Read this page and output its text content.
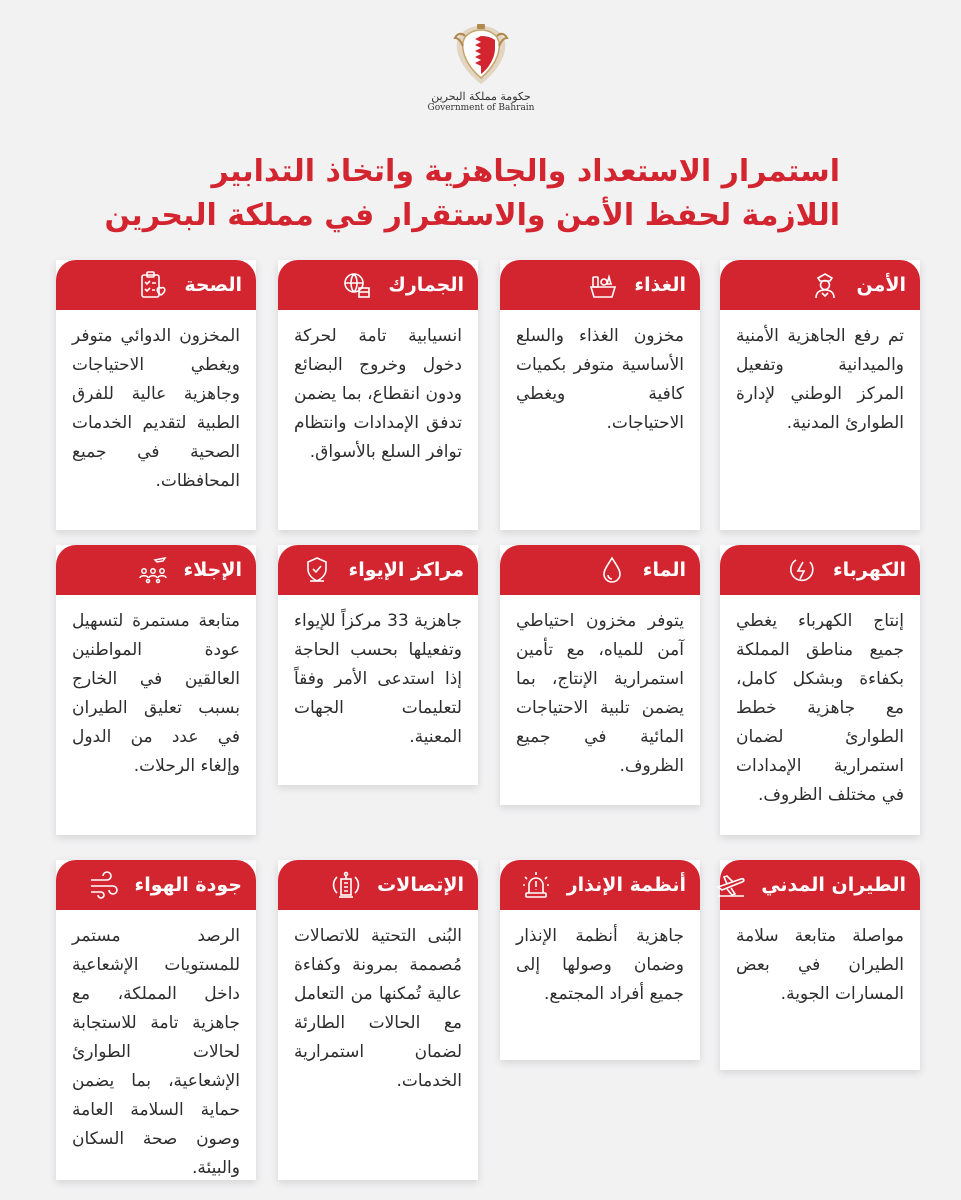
حكومة مملكة البحرين
Government of Bahrain
استمرار الاستعداد والجاهزية واتخاذ التدابير
اللازمة لحفظ الأمن والاستقرار في مملكة البحرين
الأمن
تم رفع الجاهزية الأمنية والميدانية وتفعيل المركز الوطني لإدارة الطوارئ المدنية.
الغذاء
مخزون الغذاء والسلع الأساسية متوفر بكميات كافية ويغطي الاحتياجات.
الجمارك
انسيابية تامة لحركة دخول وخروج البضائع ودون انقطاع، بما يضمن تدفق الإمدادات وانتظام توافر السلع بالأسواق.
الصحة
المخزون الدوائي متوفر ويغطي الاحتياجات وجاهزية عالية للفرق الطبية لتقديم الخدمات الصحية في جميع المحافظات.
الكهرباء
إنتاج الكهرباء يغطي جميع مناطق المملكة بكفاءة وبشكل كامل، مع جاهزية خطط الطوارئ لضمان استمرارية الإمدادات في مختلف الظروف.
الماء
يتوفر مخزون احتياطي آمن للمياه، مع تأمين استمرارية الإنتاج، بما يضمن تلبية الاحتياجات المائية في جميع الظروف.
مراكز الإيواء
جاهزية 33 مركزاً للإيواء وتفعيلها بحسب الحاجة إذا استدعى الأمر وفقاً لتعليمات الجهات المعنية.
الإجلاء
متابعة مستمرة لتسهيل عودة المواطنين العالقين في الخارج بسبب تعليق الطيران في عدد من الدول وإلغاء الرحلات.
الطيران المدني
مواصلة متابعة سلامة الطيران في بعض المسارات الجوية.
أنظمة الإنذار
جاهزية أنظمة الإنذار وضمان وصولها إلى جميع أفراد المجتمع.
الإتصالات
البُنى التحتية للاتصالات مُصممة بمرونة وكفاءة عالية تُمكنها من التعامل مع الحالات الطارئة لضمان استمرارية الخدمات.
جودة الهواء
الرصد مستمر للمستويات الإشعاعية داخل المملكة، مع جاهزية تامة للاستجابة لحالات الطوارئ الإشعاعية، بما يضمن حماية السلامة العامة وصون صحة السكان والبيئة.
